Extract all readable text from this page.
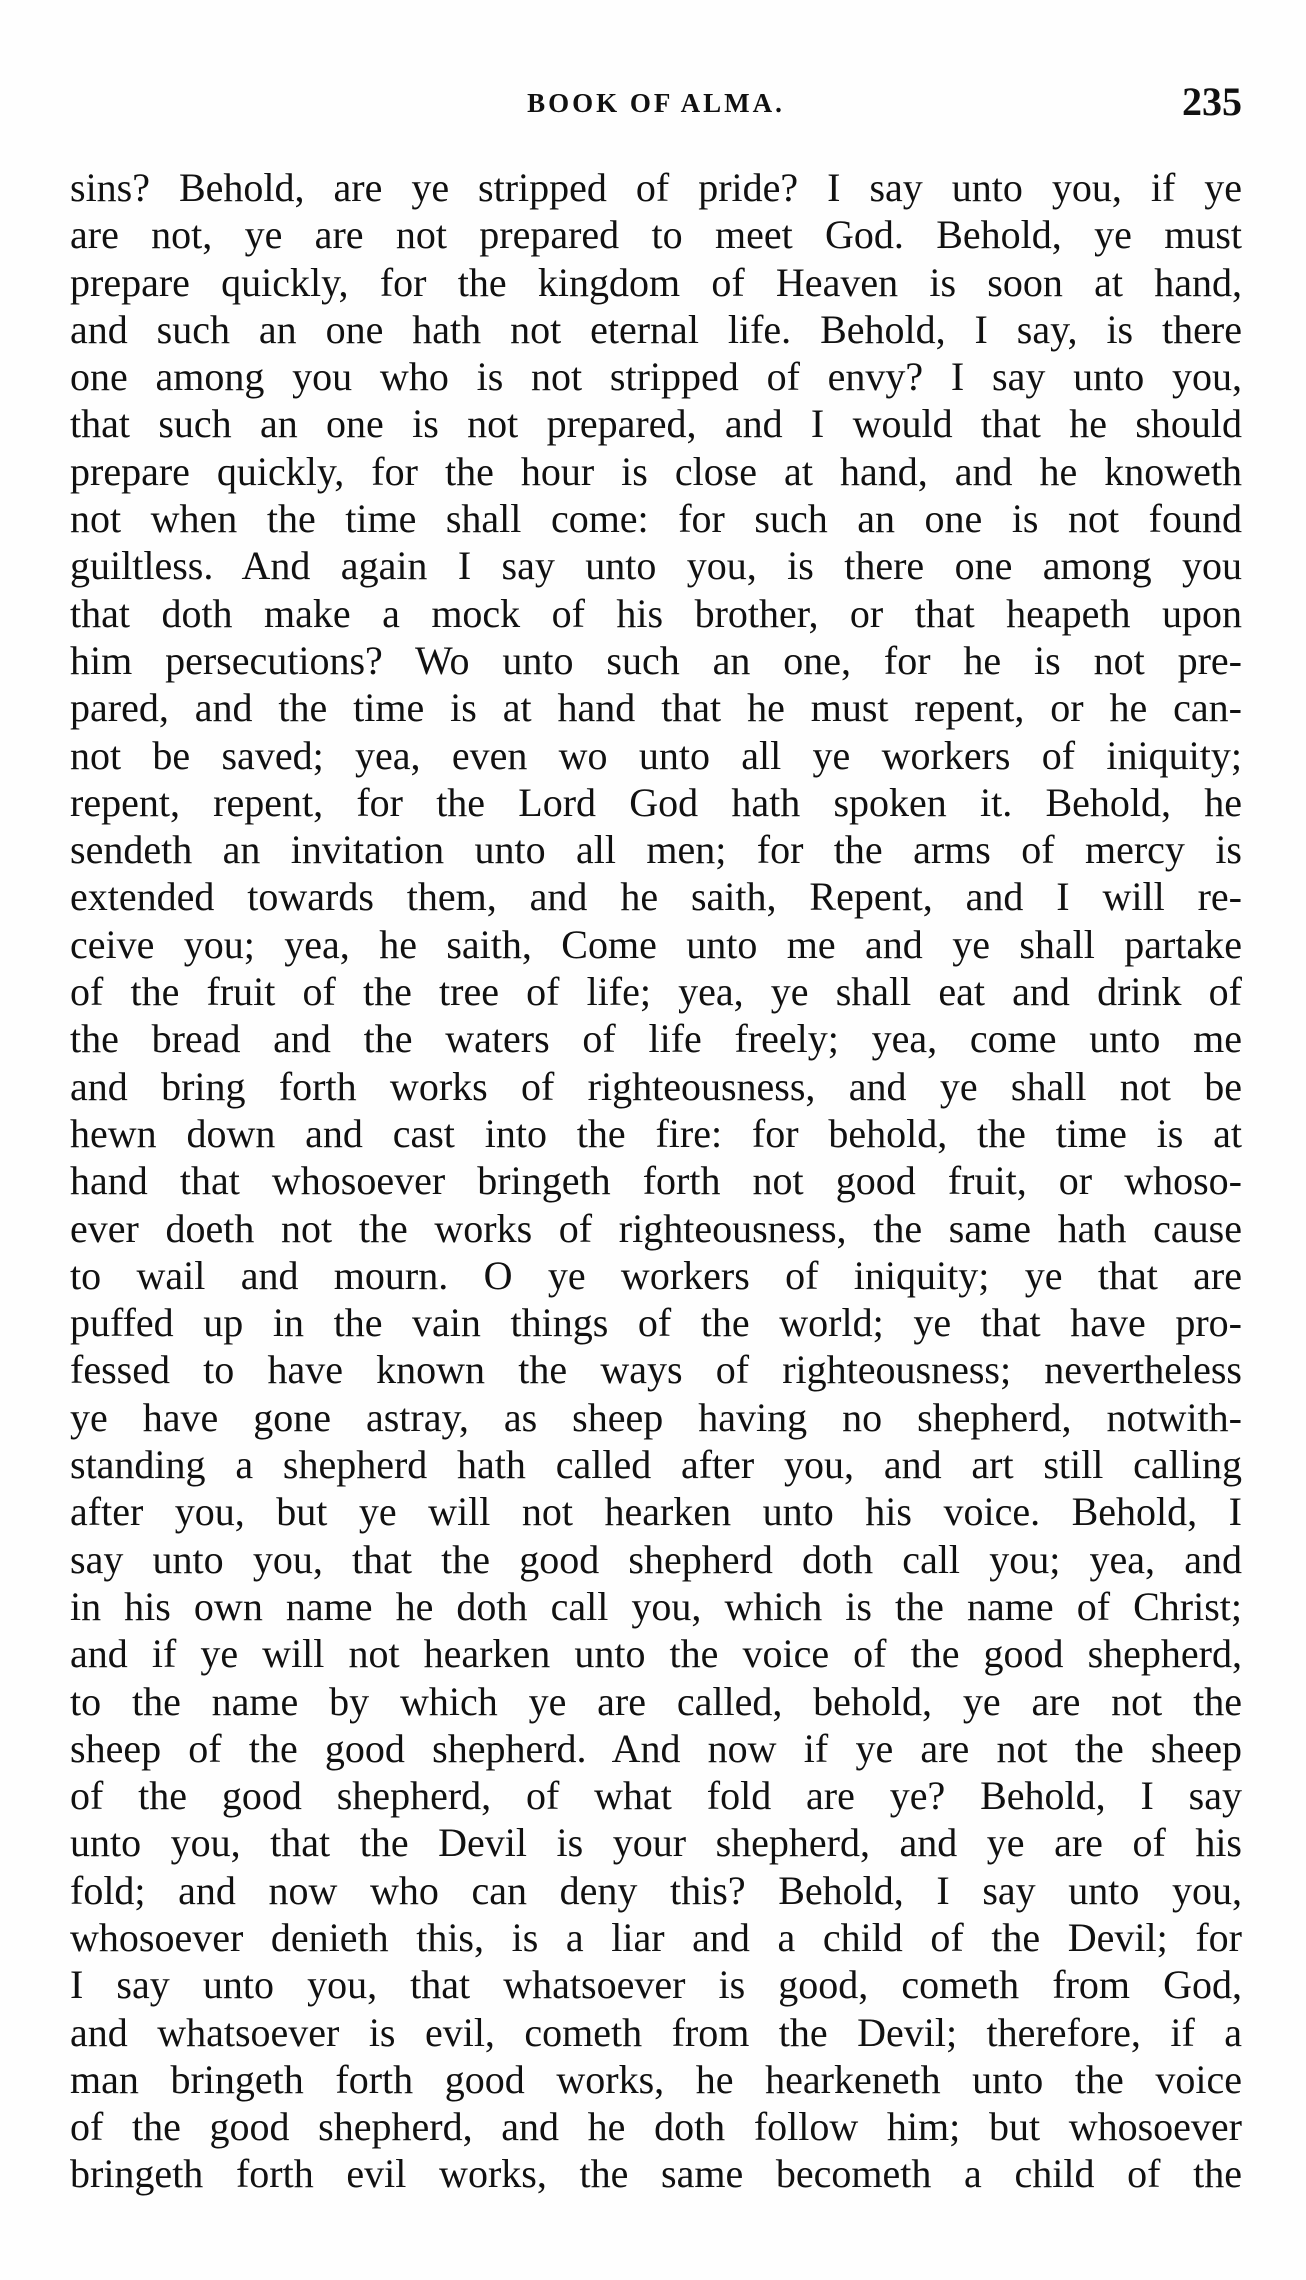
BOOK OF ALMA.	235
sins? Behold, are ye stripped of pride? I say unto you, if ye
are not, ye are not prepared to meet God. Behold, ye must
prepare quickly, for the kingdom of Heaven is soon at hand,
and such an one hath not eternal life. Behold, I say, is there
one among you who is not stripped of envy? I say unto you,
that such an one is not prepared, and I would that he should
prepare quickly, for the hour is close at hand, and he knoweth
not when the time shall come: for such an one is not found
guiltless. And again I say unto you, is there one among you
that doth make a mock of his brother, or that heapeth upon
him persecutions? Wo unto such an one, for he is not pre-
pared, and the time is at hand that he must repent, or he can-
not be saved; yea, even wo unto all ye workers of iniquity;
repent, repent, for the Lord God hath spoken it. Behold, he
sendeth an invitation unto all men; for the arms of mercy is
extended towards them, and he saith, Repent, and I will re-
ceive you; yea, he saith, Come unto me and ye shall partake
of the fruit of the tree of life; yea, ye shall eat and drink of
the bread and the waters of life freely; yea, come unto me
and bring forth works of righteousness, and ye shall not be
hewn down and cast into the fire: for behold, the time is at
hand that whosoever bringeth forth not good fruit, or whoso-
ever doeth not the works of righteousness, the same hath cause
to wail and mourn. O ye workers of iniquity; ye that are
puffed up in the vain things of the world; ye that have pro-
fessed to have known the ways of righteousness; nevertheless
ye have gone astray, as sheep having no shepherd, notwith-
standing a shepherd hath called after you, and art still calling
after you, but ye will not hearken unto his voice. Behold, I
say unto you, that the good shepherd doth call you; yea, and
in his own name he doth call you, which is the name of Christ;
and if ye will not hearken unto the voice of the good shepherd,
to the name by which ye are called, behold, ye are not the
sheep of the good shepherd. And now if ye are not the sheep
of the good shepherd, of what fold are ye? Behold, I say
unto you, that the Devil is your shepherd, and ye are of his
fold; and now who can deny this? Behold, I say unto you,
whosoever denieth this, is a liar and a child of the Devil; for
I say unto you, that whatsoever is good, cometh from God,
and whatsoever is evil, cometh from the Devil; therefore, if a
man bringeth forth good works, he hearkeneth unto the voice
of the good shepherd, and he doth follow him; but whosoever
bringeth forth evil works, the same becometh a child of the
